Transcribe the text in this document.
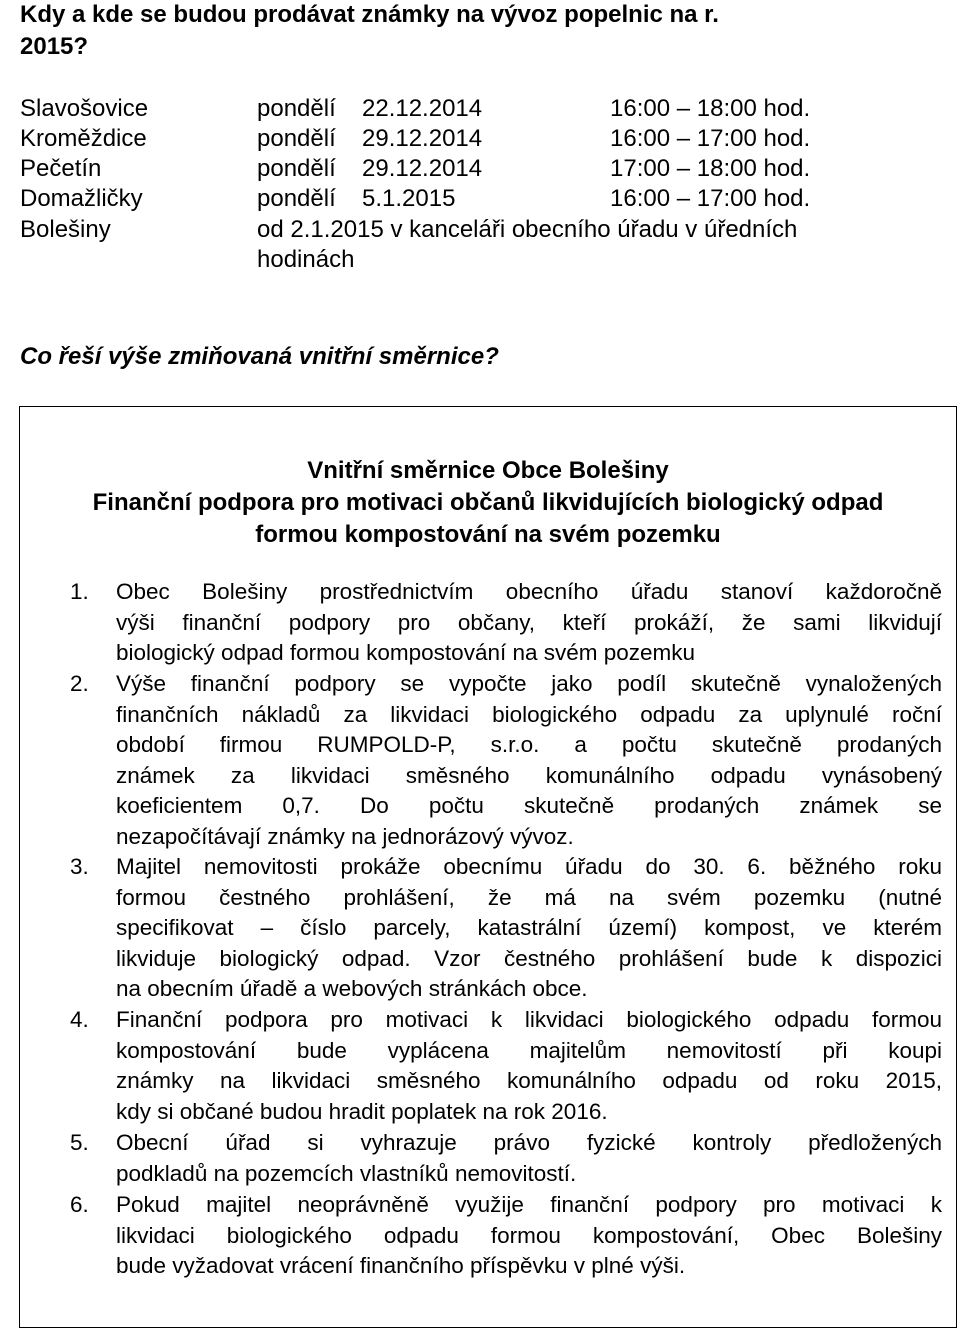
Kdy a kde se budou prodávat známky na vývoz popelnic na r.
2015?
Slavošovice	pondělí 22.12.2014	16:00 – 18:00 hod.
Kroměždice	pondělí 29.12.2014	16:00 – 17:00 hod.
Pečetín	pondělí 29.12.2014	17:00 – 18:00 hod.
Domažličky	pondělí 5.1.2015	16:00 – 17:00 hod.
Bolešiny	od 2.1.2015 v kanceláři obecního úřadu v úředních
hodinách
Co řeší výše zmiňovaná vnitřní směrnice?
Vnitřní směrnice Obce Bolešiny
Finanční podpora pro motivaci občanů likvidujících biologický odpad
formou kompostování na svém pozemku
1. Obec Bolešiny prostřednictvím obecního úřadu stanoví každoročně
výši finanční podpory pro občany, kteří prokáží, že sami likvidují
biologický odpad formou kompostování na svém pozemku
2. Výše finanční podpory se vypočte jako podíl skutečně vynaložených
finančních nákladů za likvidaci biologického odpadu za uplynulé roční
období firmou RUMPOLD-P, s.r.o. a počtu skutečně prodaných
známek za likvidaci směsného komunálního odpadu vynásobený
koeficientem 0,7. Do počtu skutečně prodaných známek se
nezapočítávají známky na jednorázový vývoz.
3. Majitel nemovitosti prokáže obecnímu úřadu do 30. 6. běžného roku
formou čestného prohlášení, že má na svém pozemku (nutné
specifikovat – číslo parcely, katastrální území) kompost, ve kterém
likviduje biologický odpad. Vzor čestného prohlášení bude k dispozici
na obecním úřadě a webových stránkách obce.
4. Finanční podpora pro motivaci k likvidaci biologického odpadu formou
kompostování bude vyplácena majitelům nemovitostí při koupi
známky na likvidaci směsného komunálního odpadu od roku 2015,
kdy si občané budou hradit poplatek na rok 2016.
5. Obecní úřad si vyhrazuje právo fyzické kontroly předložených
podkladů na pozemcích vlastníků nemovitostí.
6. Pokud majitel neoprávněně využije finanční podpory pro motivaci k
likvidaci biologického odpadu formou kompostování, Obec Bolešiny
bude vyžadovat vrácení finančního příspěvku v plné výši.
